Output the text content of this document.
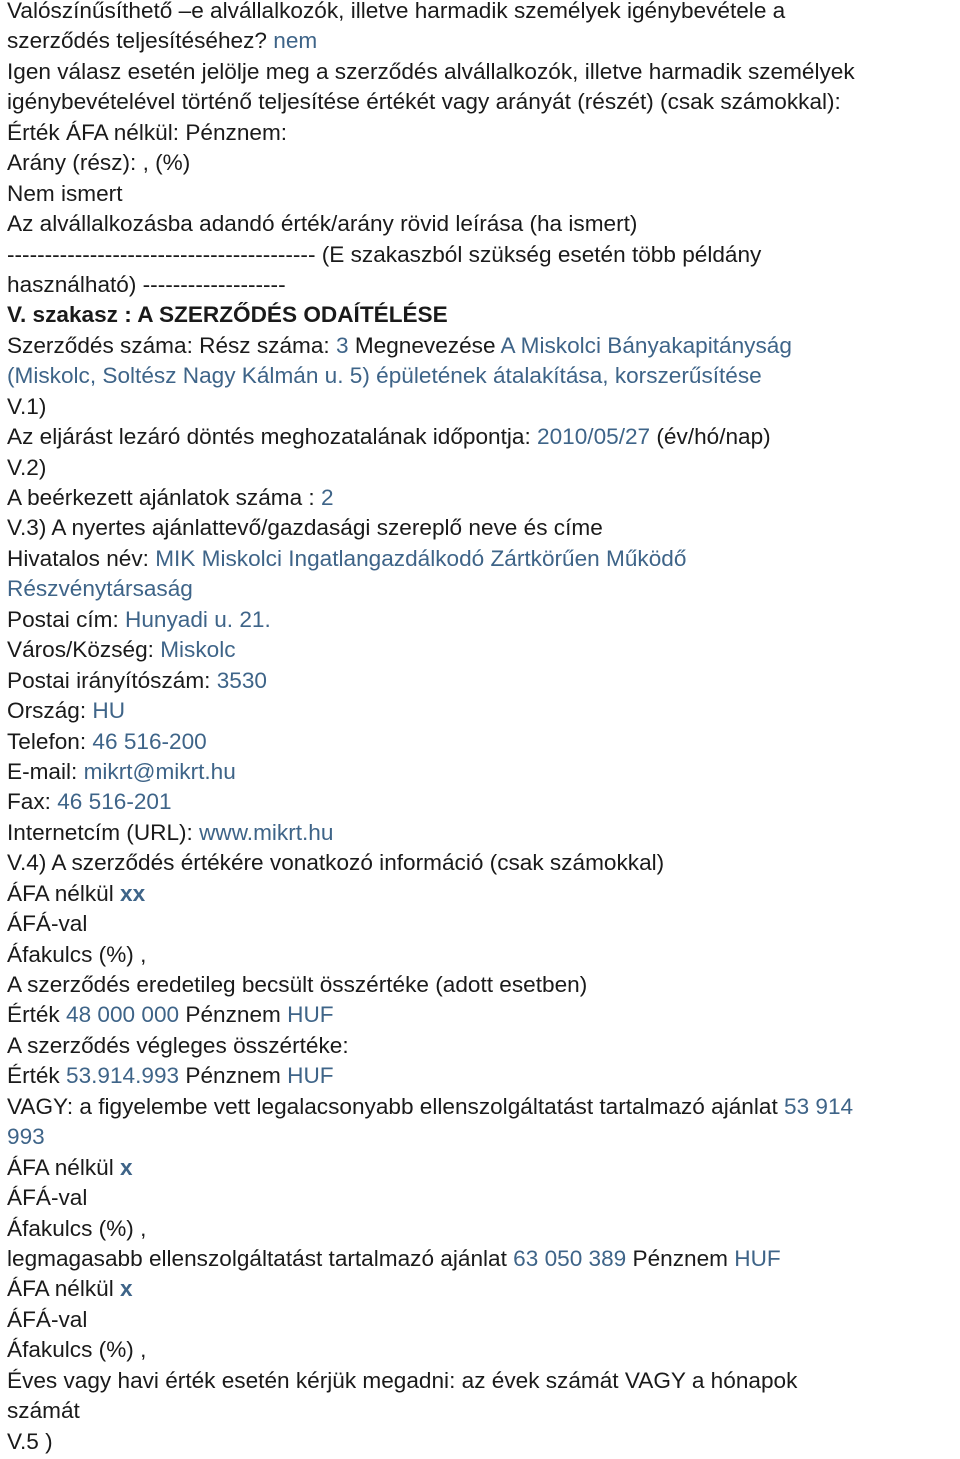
Valószínűsíthető –e alvállalkozók, illetve harmadik személyek igénybevétele a
szerződés teljesítéséhez? nem
Igen válasz esetén jelölje meg a szerződés alvállalkozók, illetve harmadik személyek
igénybevételével történő teljesítése értékét vagy arányát (részét) (csak számokkal):
Érték ÁFA nélkül: Pénznem:
Arány (rész): , (%)
Nem ismert
Az alvállalkozásba adandó érték/arány rövid leírása (ha ismert)
----------------------------------------- (E szakaszból szükség esetén több példány
használható) -------------------
V. szakasz : A SZERZŐDÉS ODAÍTÉLÉSE
Szerződés száma: Rész száma: 3 Megnevezése A Miskolci Bányakapitányság
(Miskolc, Soltész Nagy Kálmán u. 5) épületének átalakítása, korszerűsítése
V.1)
Az eljárást lezáró döntés meghozatalának időpontja: 2010/05/27 (év/hó/nap)
V.2)
A beérkezett ajánlatok száma : 2
V.3) A nyertes ajánlattevő/gazdasági szereplő neve és címe
Hivatalos név: MIK Miskolci Ingatlangazdálkodó Zártkörűen Működő
Részvénytársaság
Postai cím: Hunyadi u. 21.
Város/Község: Miskolc
Postai irányítószám: 3530
Ország: HU
Telefon: 46 516-200
E-mail: mikrt@mikrt.hu
Fax: 46 516-201
Internetcím (URL): www.mikrt.hu
V.4) A szerződés értékére vonatkozó információ (csak számokkal)
ÁFA nélkül xx
ÁFÁ-val
Áfakulcs (%) ,
A szerződés eredetileg becsült összértéke (adott esetben)
Érték 48 000 000 Pénznem HUF
A szerződés végleges összértéke:
Érték 53.914.993 Pénznem HUF
VAGY: a figyelembe vett legalacsonyabb ellenszolgáltatást tartalmazó ajánlat 53 914
993
ÁFA nélkül x
ÁFÁ-val
Áfakulcs (%) ,
legmagasabb ellenszolgáltatást tartalmazó ajánlat 63 050 389 Pénznem HUF
ÁFA nélkül x
ÁFÁ-val
Áfakulcs (%) ,
Éves vagy havi érték esetén kérjük megadni: az évek számát VAGY a hónapok
számát
V.5 )
